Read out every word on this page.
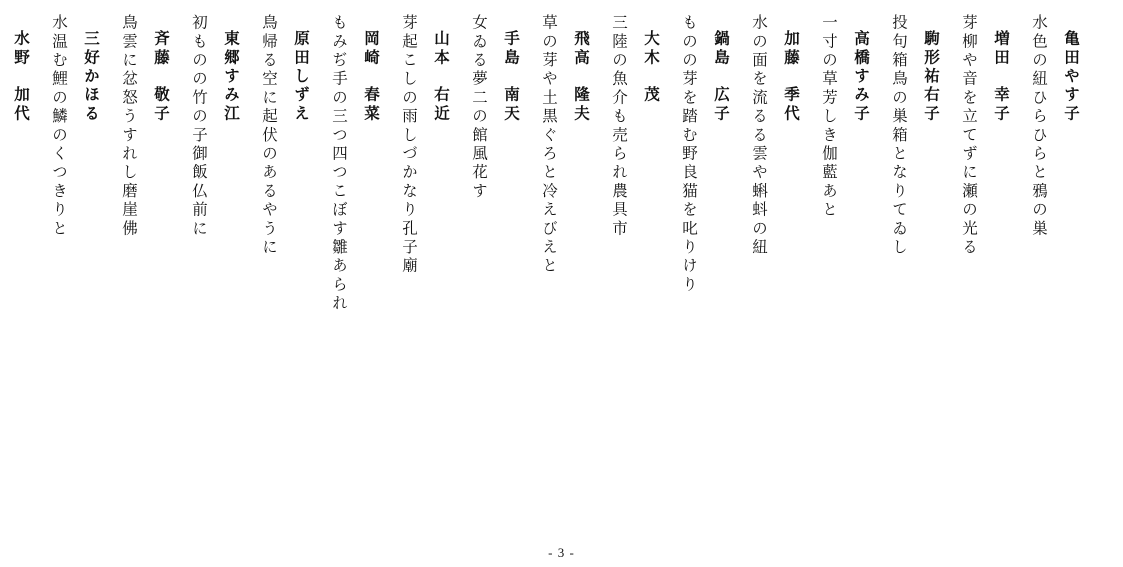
亀田やす子
水色の紐ひらひらと鴉の巣
増田　幸子
芽柳や音を立てずに瀬の光る
駒形祐右子
投句箱鳥の巣箱となりてゐし
高橋すみ子
一寸の草芳しき伽藍あと
加藤　季代
水の面を流るる雲や蝌蚪の紐
鍋島　広子
ものの芽を踏む野良猫を叱りけり
大木　茂
三陸の魚介も売られ農具市
飛高　隆夫
草の芽や土黒ぐろと冷えびえと
手島　南天
女ゐる夢二の館風花す
山本　右近
芽起こしの雨しづかなり孔子廟
岡崎　春菜
もみぢ手の三つ四つこぼす雛あられ
原田しずえ
鳥帰る空に起伏のあるやうに
東郷すみ江
初ものの竹の子御飯仏前に
斉藤　敬子
鳥雲に忿怒うすれし磨崖佛
三好かほる
水温む鯉の鱗のくつきりと
水野　加代
- 3 -
